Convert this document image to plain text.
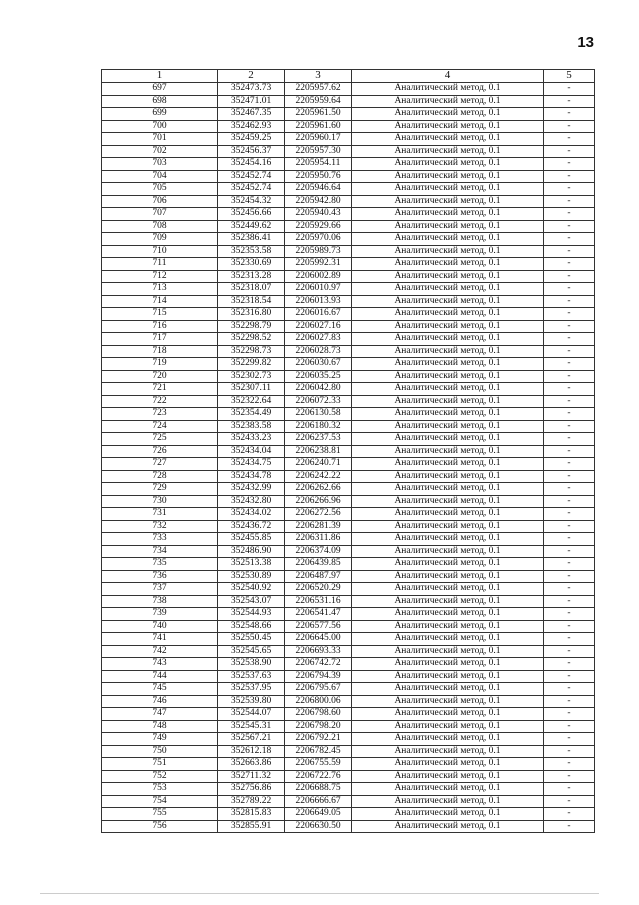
13
1	2	3	4	5
697	352473.73	2205957.62	Аналитический метод, 0.1	-
698	352471.01	2205959.64	Аналитический метод, 0.1	-
699	352467.35	2205961.50	Аналитический метод, 0.1	-
700	352462.93	2205961.60	Аналитический метод, 0.1	-
701	352459.25	2205960.17	Аналитический метод, 0.1	-
702	352456.37	2205957.30	Аналитический метод, 0.1	-
703	352454.16	2205954.11	Аналитический метод, 0.1	-
704	352452.74	2205950.76	Аналитический метод, 0.1	-
705	352452.74	2205946.64	Аналитический метод, 0.1	-
706	352454.32	2205942.80	Аналитический метод, 0.1	-
707	352456.66	2205940.43	Аналитический метод, 0.1	-
708	352449.62	2205929.66	Аналитический метод, 0.1	-
709	352386.41	2205970.06	Аналитический метод, 0.1	-
710	352353.58	2205989.73	Аналитический метод, 0.1	-
711	352330.69	2205992.31	Аналитический метод, 0.1	-
712	352313.28	2206002.89	Аналитический метод, 0.1	-
713	352318.07	2206010.97	Аналитический метод, 0.1	-
714	352318.54	2206013.93	Аналитический метод, 0.1	-
715	352316.80	2206016.67	Аналитический метод, 0.1	-
716	352298.79	2206027.16	Аналитический метод, 0.1	-
717	352298.52	2206027.83	Аналитический метод, 0.1	-
718	352298.73	2206028.73	Аналитический метод, 0.1	-
719	352299.82	2206030.67	Аналитический метод, 0.1	-
720	352302.73	2206035.25	Аналитический метод, 0.1	-
721	352307.11	2206042.80	Аналитический метод, 0.1	-
722	352322.64	2206072.33	Аналитический метод, 0.1	-
723	352354.49	2206130.58	Аналитический метод, 0.1	-
724	352383.58	2206180.32	Аналитический метод, 0.1	-
725	352433.23	2206237.53	Аналитический метод, 0.1	-
726	352434.04	2206238.81	Аналитический метод, 0.1	-
727	352434.75	2206240.71	Аналитический метод, 0.1	-
728	352434.78	2206242.22	Аналитический метод, 0.1	-
729	352432.99	2206262.66	Аналитический метод, 0.1	-
730	352432.80	2206266.96	Аналитический метод, 0.1	-
731	352434.02	2206272.56	Аналитический метод, 0.1	-
732	352436.72	2206281.39	Аналитический метод, 0.1	-
733	352455.85	2206311.86	Аналитический метод, 0.1	-
734	352486.90	2206374.09	Аналитический метод, 0.1	-
735	352513.38	2206439.85	Аналитический метод, 0.1	-
736	352530.89	2206487.97	Аналитический метод, 0.1	-
737	352540.92	2206520.29	Аналитический метод, 0.1	-
738	352543.07	2206531.16	Аналитический метод, 0.1	-
739	352544.93	2206541.47	Аналитический метод, 0.1	-
740	352548.66	2206577.56	Аналитический метод, 0.1	-
741	352550.45	2206645.00	Аналитический метод, 0.1	-
742	352545.65	2206693.33	Аналитический метод, 0.1	-
743	352538.90	2206742.72	Аналитический метод, 0.1	-
744	352537.63	2206794.39	Аналитический метод, 0.1	-
745	352537.95	2206795.67	Аналитический метод, 0.1	-
746	352539.80	2206800.06	Аналитический метод, 0.1	-
747	352544.07	2206798.60	Аналитический метод, 0.1	-
748	352545.31	2206798.20	Аналитический метод, 0.1	-
749	352567.21	2206792.21	Аналитический метод, 0.1	-
750	352612.18	2206782.45	Аналитический метод, 0.1	-
751	352663.86	2206755.59	Аналитический метод, 0.1	-
752	352711.32	2206722.76	Аналитический метод, 0.1	-
753	352756.86	2206688.75	Аналитический метод, 0.1	-
754	352789.22	2206666.67	Аналитический метод, 0.1	-
755	352815.83	2206649.05	Аналитический метод, 0.1	-
756	352855.91	2206630.50	Аналитический метод, 0.1	-
